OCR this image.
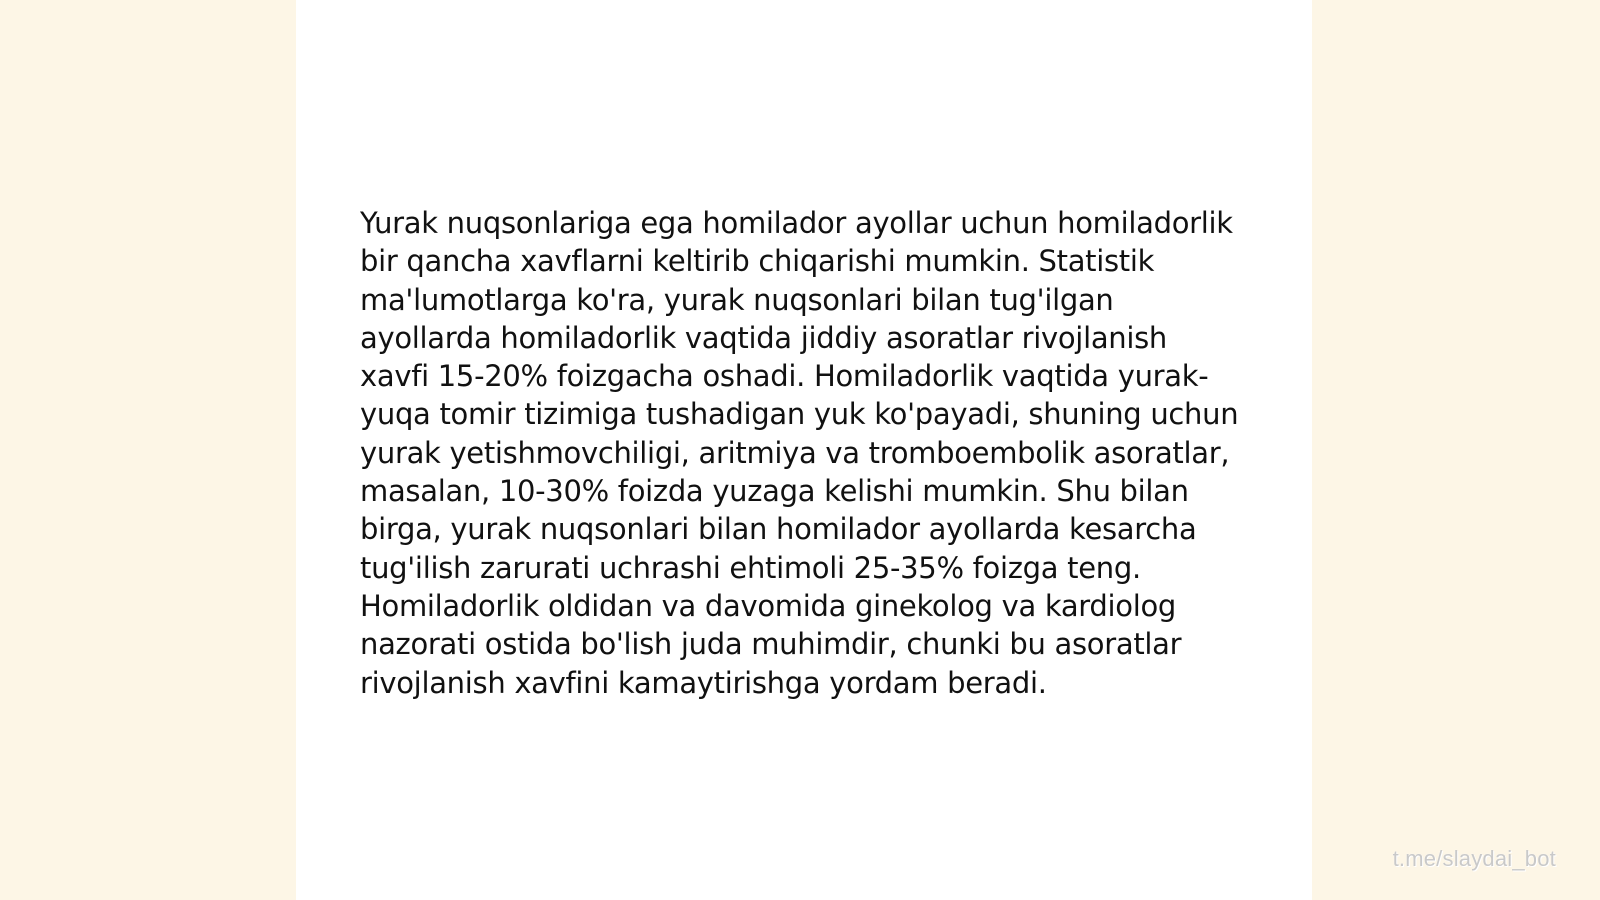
Yurak nuqsonlariga ega homilador ayollar uchun homiladorlik bir qancha xavflarni keltirib chiqarishi mumkin. Statistik ma'lumotlarga ko'ra, yurak nuqsonlari bilan tug'ilgan ayollarda homiladorlik vaqtida jiddiy asoratlar rivojlanish xavfi 15-20% foizgacha oshadi. Homiladorlik vaqtida yurak-yuqa tomir tizimiga tushadigan yuk ko'payadi, shuning uchun yurak yetishmovchiligi, aritmiya va tromboembolik asoratlar, masalan, 10-30% foizda yuzaga kelishi mumkin. Shu bilan birga, yurak nuqsonlari bilan homilador ayollarda kesarcha tug'ilish zarurati uchrashi ehtimoli 25-35% foizga teng. Homiladorlik oldidan va davomida ginekolog va kardiolog nazorati ostida bo'lish juda muhimdir, chunki bu asoratlar rivojlanish xavfini kamaytirishga yordam beradi.

t.me/slaydai_bot
